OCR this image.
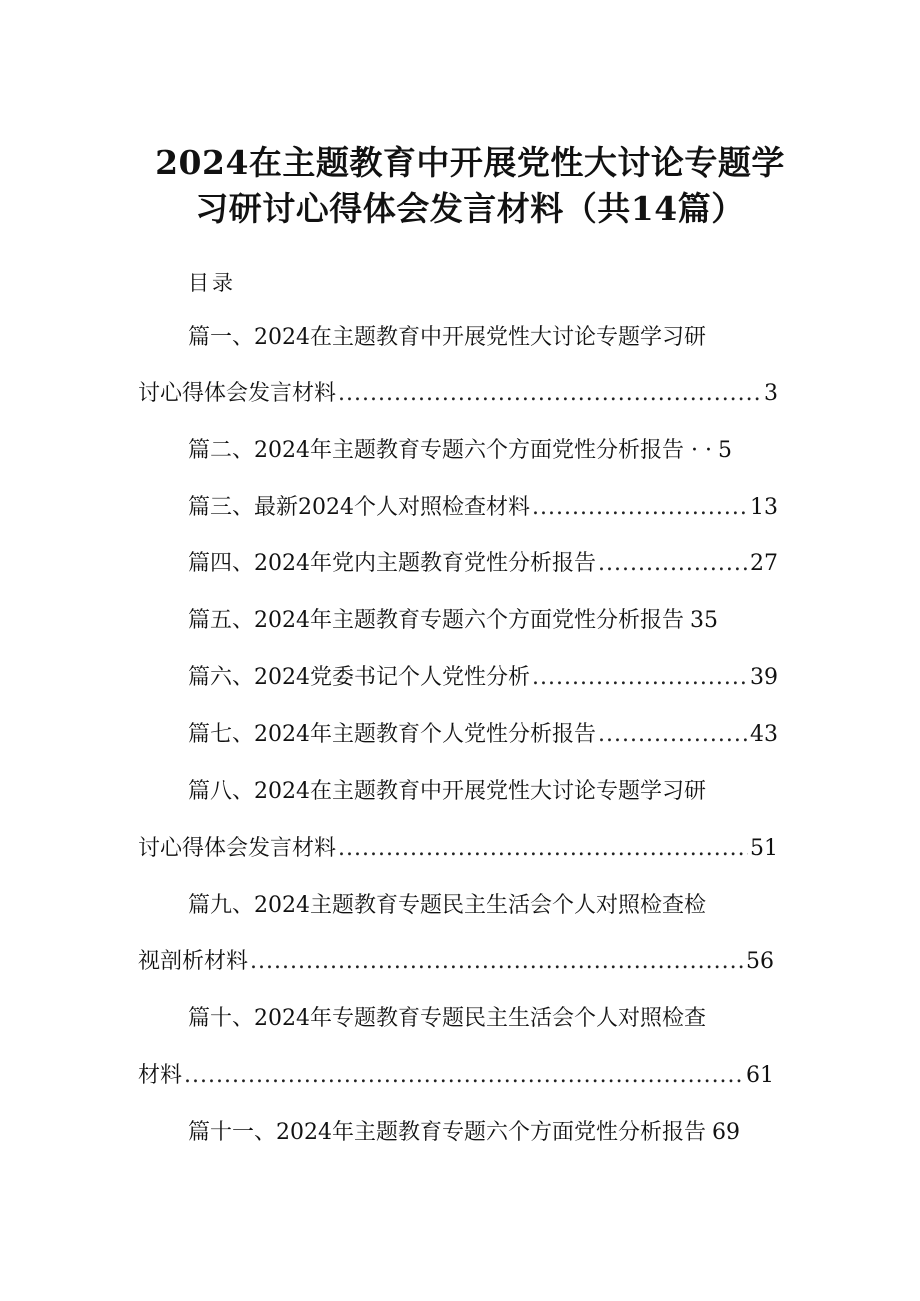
2024在主题教育中开展党性大讨论专题学
习研讨心得体会发言材料（共14篇）
目录
篇一、2024在主题教育中开展党性大讨论专题学习研
讨心得体会发言材料 .....	3
篇二、2024年主题教育专题六个方面党性分析报告 · · 5
篇三、最新2024个人对照检查材料 .....	13
篇四、2024年党内主题教育党性分析报告 .....	27
篇五、2024年主题教育专题六个方面党性分析报告 35
篇六、2024党委书记个人党性分析 .....	39
篇七、2024年主题教育个人党性分析报告 .....	43
篇八、2024在主题教育中开展党性大讨论专题学习研
讨心得体会发言材料 .....	51
篇九、2024主题教育专题民主生活会个人对照检查检
视剖析材料 .....	56
篇十、2024年专题教育专题民主生活会个人对照检查
材料 .....	61
篇十一、2024年主题教育专题六个方面党性分析报告 69
